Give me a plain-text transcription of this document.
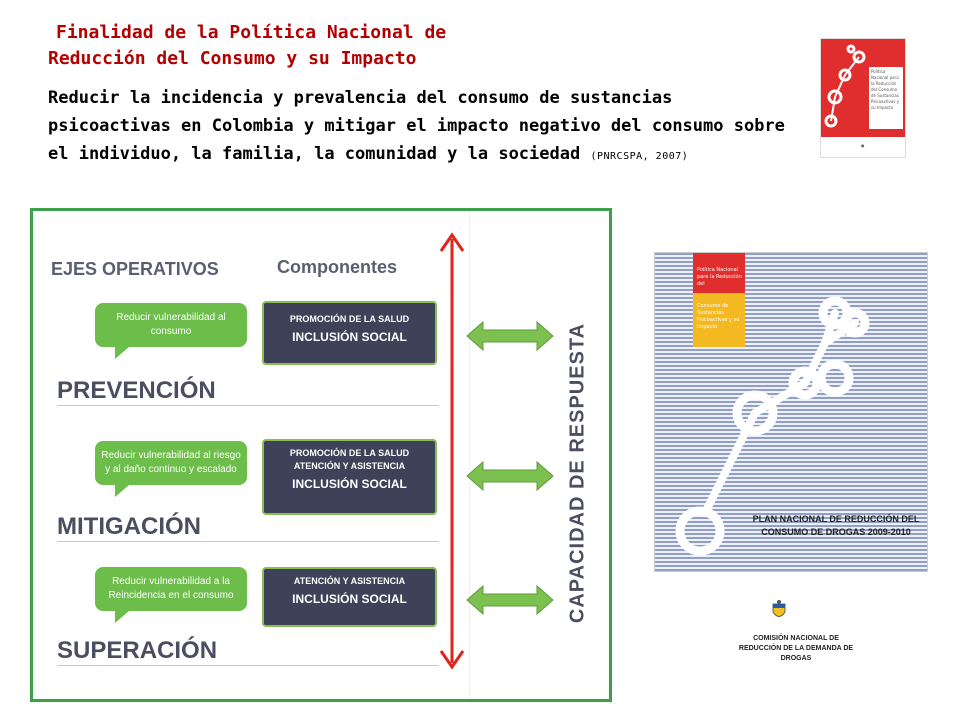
Finalidad de la Política Nacional de
Reducción del Consumo y su Impacto
Reducir la incidencia y prevalencia del consumo de sustancias psicoactivas en Colombia y mitigar el impacto negativo del consumo sobre el individuo, la familia, la comunidad y la sociedad (PNRCSPA, 2007)
Política Nacional para la Reducción del Consumo de Sustancias Psicoactivas y su Impacto
●
EJES OPERATIVOS	Componentes
Reducir vulnerabilidad al consumo
PROMOCIÓN DE LA SALUD
INCLUSIÓN SOCIAL
PREVENCIÓN
Reducir vulnerabilidad al riesgo y al daño continuo y escalado
PROMOCIÓN DE LA SALUD
ATENCIÓN Y ASISTENCIA
INCLUSIÓN SOCIAL
MITIGACIÓN
Reducir vulnerabilidad a la Reincidencia en el consumo
ATENCIÓN Y ASISTENCIA
INCLUSIÓN SOCIAL
SUPERACIÓN
CAPACIDAD DE RESPUESTA
Política Nacional para la Reducción del
Consumo de Sustancias Psicoactivas y su Impacto
PLAN NACIONAL DE REDUCCIÓN DEL CONSUMO DE DROGAS 2009-2010
COMISIÓN NACIONAL DE REDUCCIÓN DE LA DEMANDA DE DROGAS
